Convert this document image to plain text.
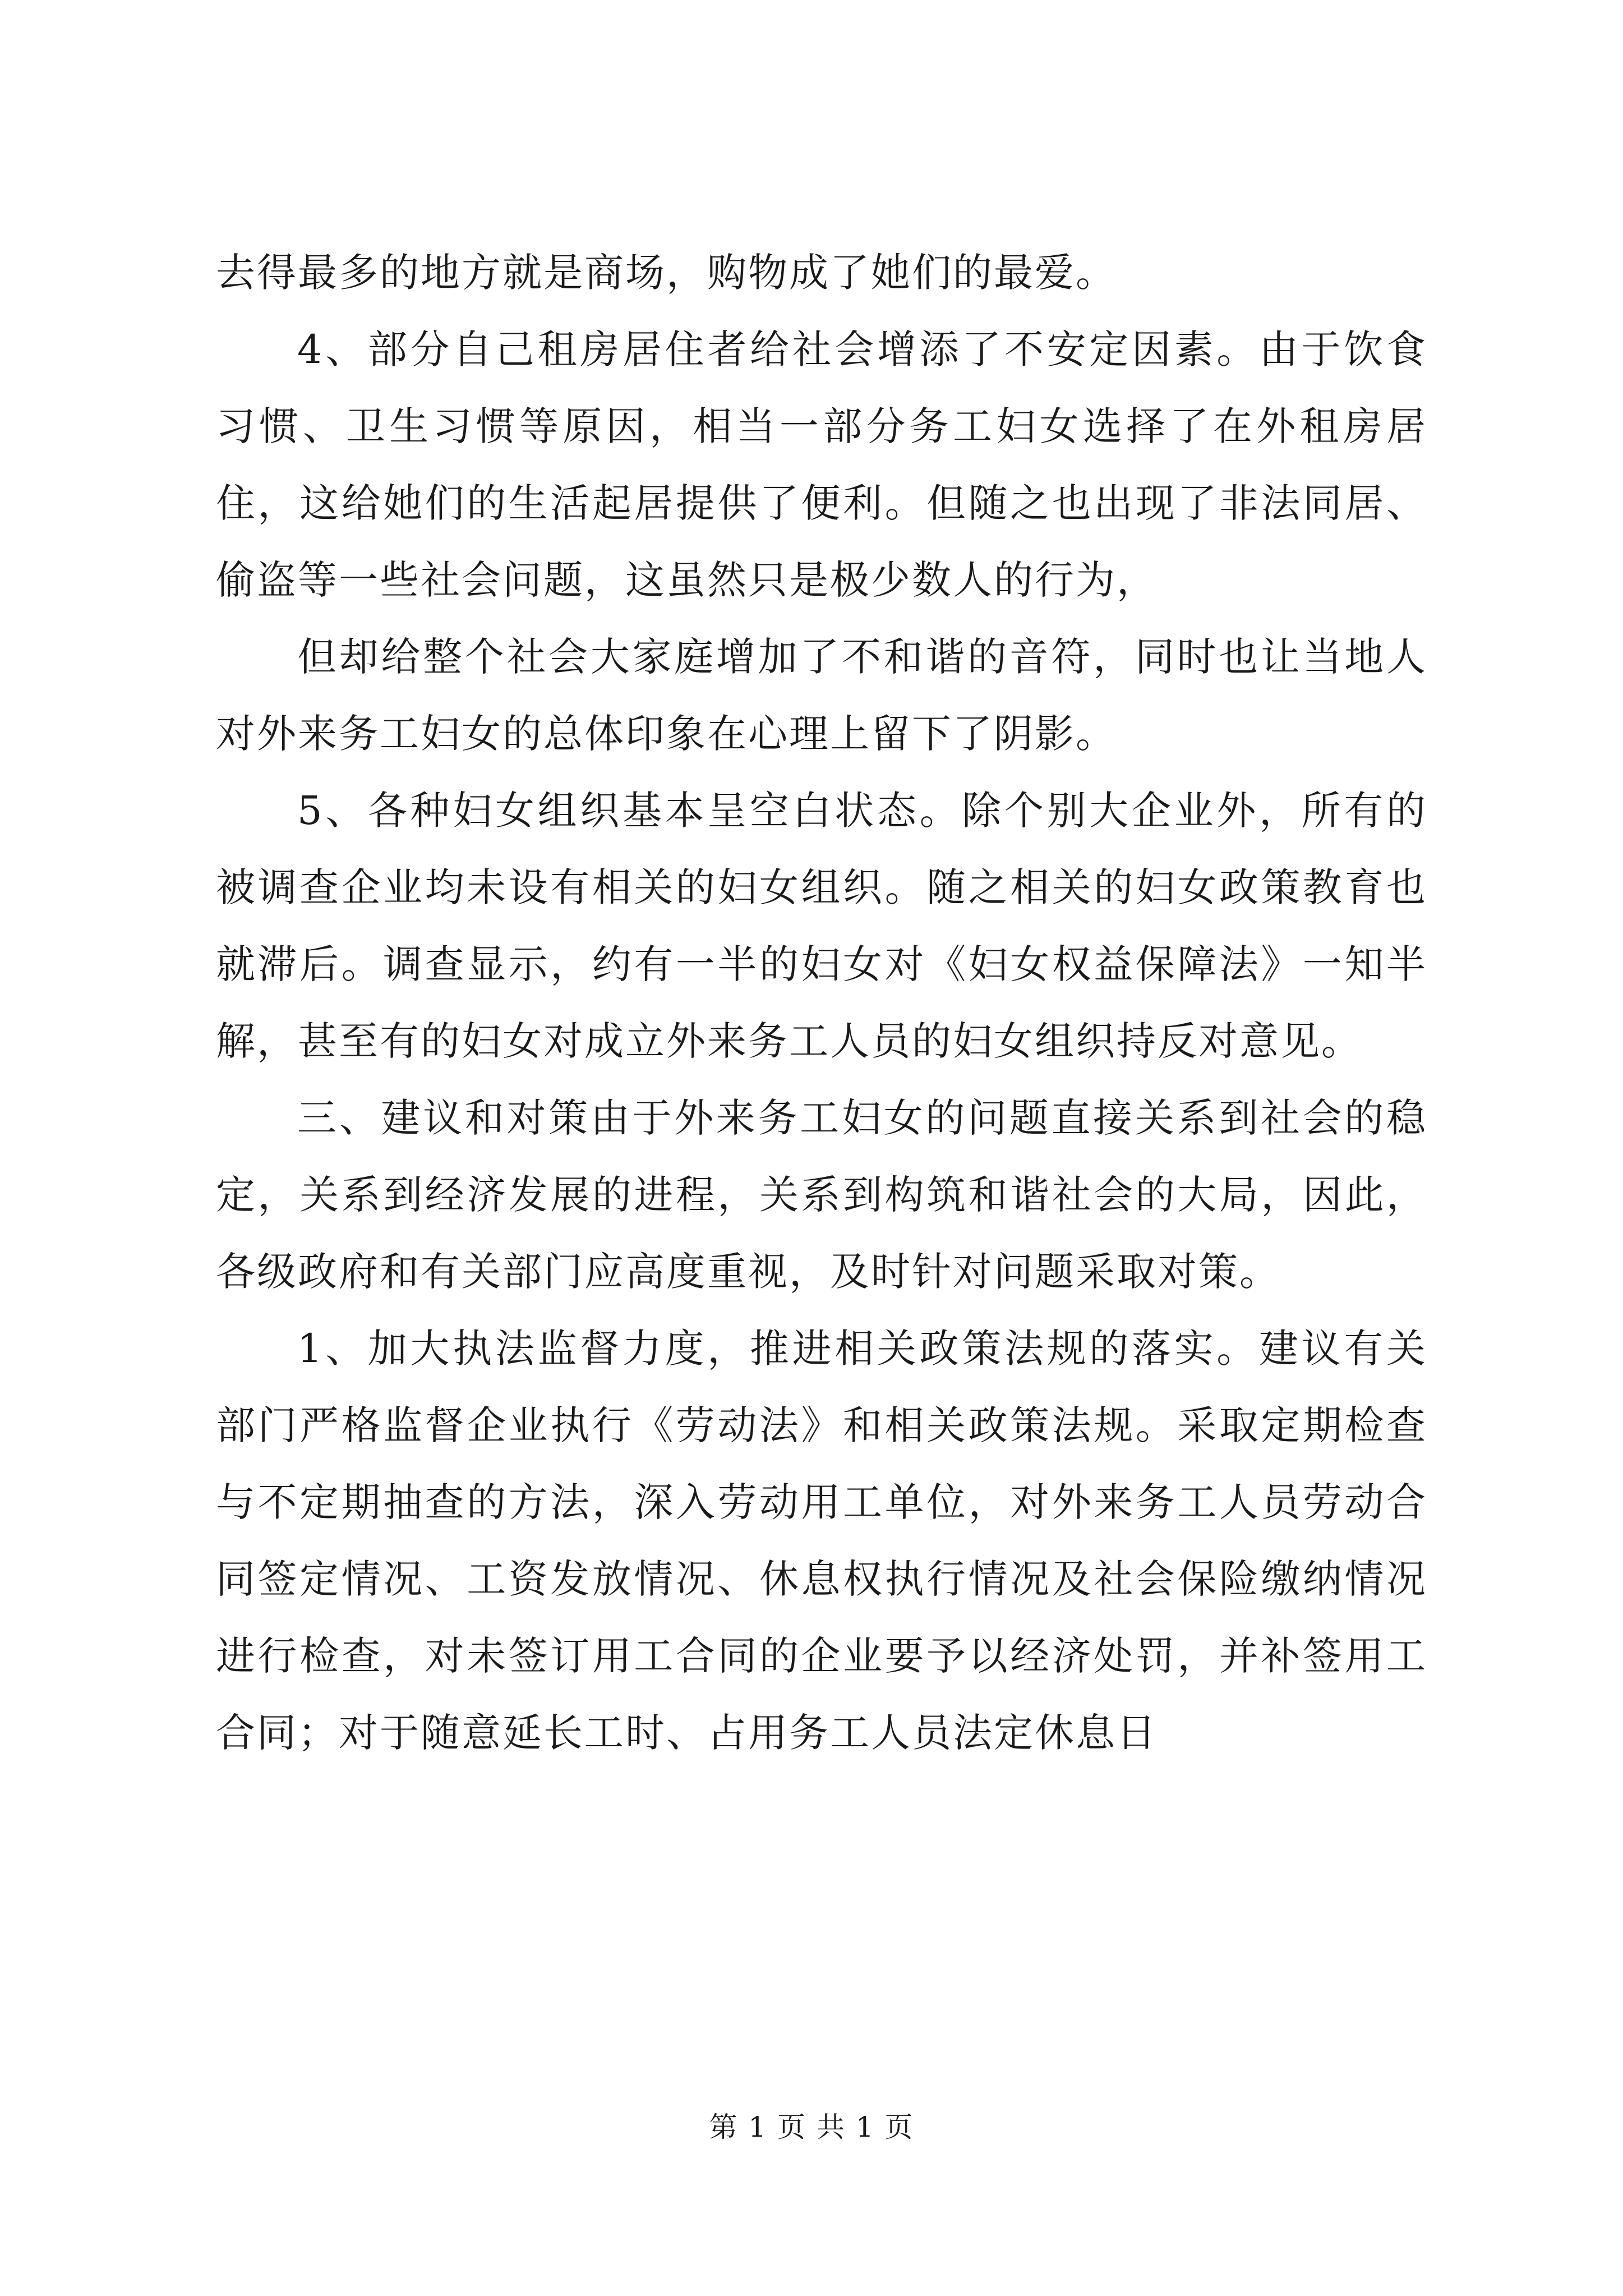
去得最多的地方就是商场，购物成了她们的最爱。

4、部分自己租房居住者给社会增添了不安定因素。由于饮食习惯、卫生习惯等原因，相当一部分务工妇女选择了在外租房居住，这给她们的生活起居提供了便利。但随之也出现了非法同居、偷盗等一些社会问题，这虽然只是极少数人的行为，

但却给整个社会大家庭增加了不和谐的音符，同时也让当地人对外来务工妇女的总体印象在心理上留下了阴影。

5、各种妇女组织基本呈空白状态。除个别大企业外，所有的被调查企业均未设有相关的妇女组织。随之相关的妇女政策教育也就滞后。调查显示，约有一半的妇女对《妇女权益保障法》一知半解，甚至有的妇女对成立外来务工人员的妇女组织持反对意见。

三、建议和对策由于外来务工妇女的问题直接关系到社会的稳定，关系到经济发展的进程，关系到构筑和谐社会的大局，因此，各级政府和有关部门应高度重视，及时针对问题采取对策。

1、加大执法监督力度，推进相关政策法规的落实。建议有关部门严格监督企业执行《劳动法》和相关政策法规。采取定期检查与不定期抽查的方法，深入劳动用工单位，对外来务工人员劳动合同签定情况、工资发放情况、休息权执行情况及社会保险缴纳情况进行检查，对未签订用工合同的企业要予以经济处罚，并补签用工合同；对于随意延长工时、占用务工人员法定休息日

第 1 页 共 1 页
